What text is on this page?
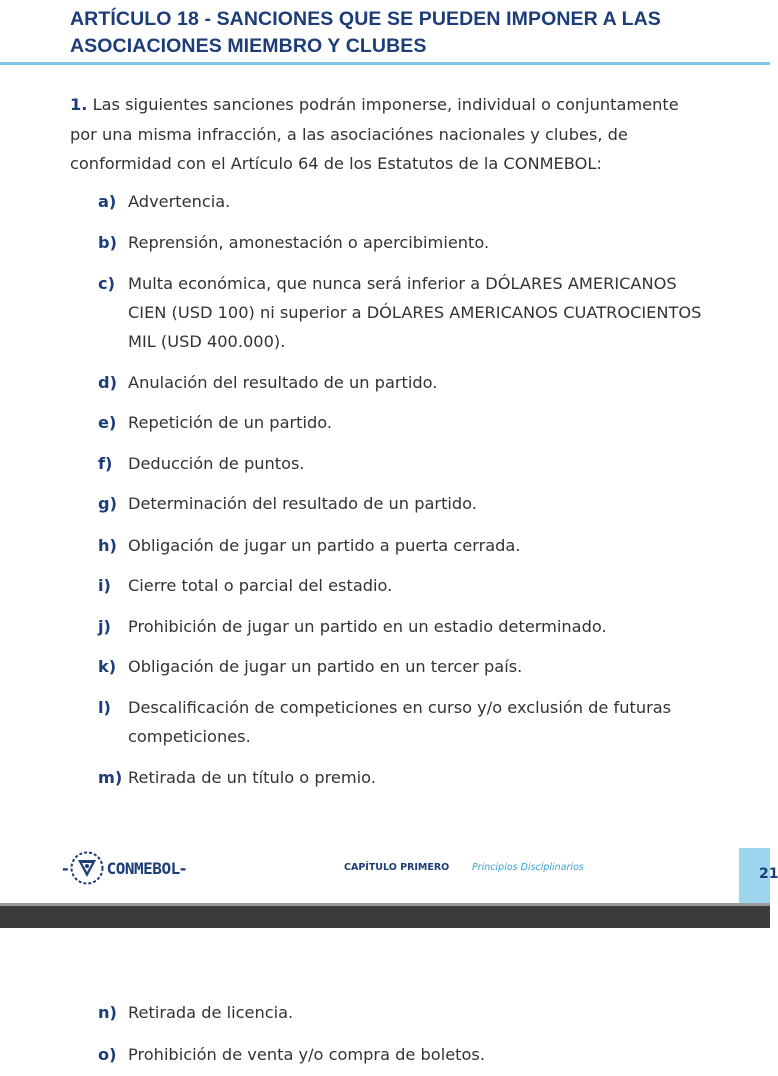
ARTÍCULO 18 - SANCIONES QUE SE PUEDEN IMPONER A LAS
ASOCIACIONES MIEMBRO Y CLUBES
1. Las siguientes sanciones podrán imponerse, individual o conjuntamente
por una misma infracción, a las asociaciónes nacionales y clubes, de
conformidad con el Artículo 64 de los Estatutos de la CONMEBOL:
a) Advertencia.
b) Reprensión, amonestación o apercibimiento.
c) Multa económica, que nunca será inferior a DÓLARES AMERICANOS
CIEN (USD 100) ni superior a DÓLARES AMERICANOS CUATROCIENTOS
MIL (USD 400.000).
d) Anulación del resultado de un partido.
e) Repetición de un partido.
f) Deducción de puntos.
g) Determinación del resultado de un partido.
h) Obligación de jugar un partido a puerta cerrada.
i) Cierre total o parcial del estadio.
j) Prohibición de jugar un partido en un estadio determinado.
k) Obligación de jugar un partido en un tercer país.
l) Descalificación de competiciones en curso y/o exclusión de futuras
competiciones.
m) Retirada de un título o premio.
- CONMEBOL -	CAPÍTULO PRIMERO Principios Disciplinarios	21
n) Retirada de licencia.
o) Prohibición de venta y/o compra de boletos.
